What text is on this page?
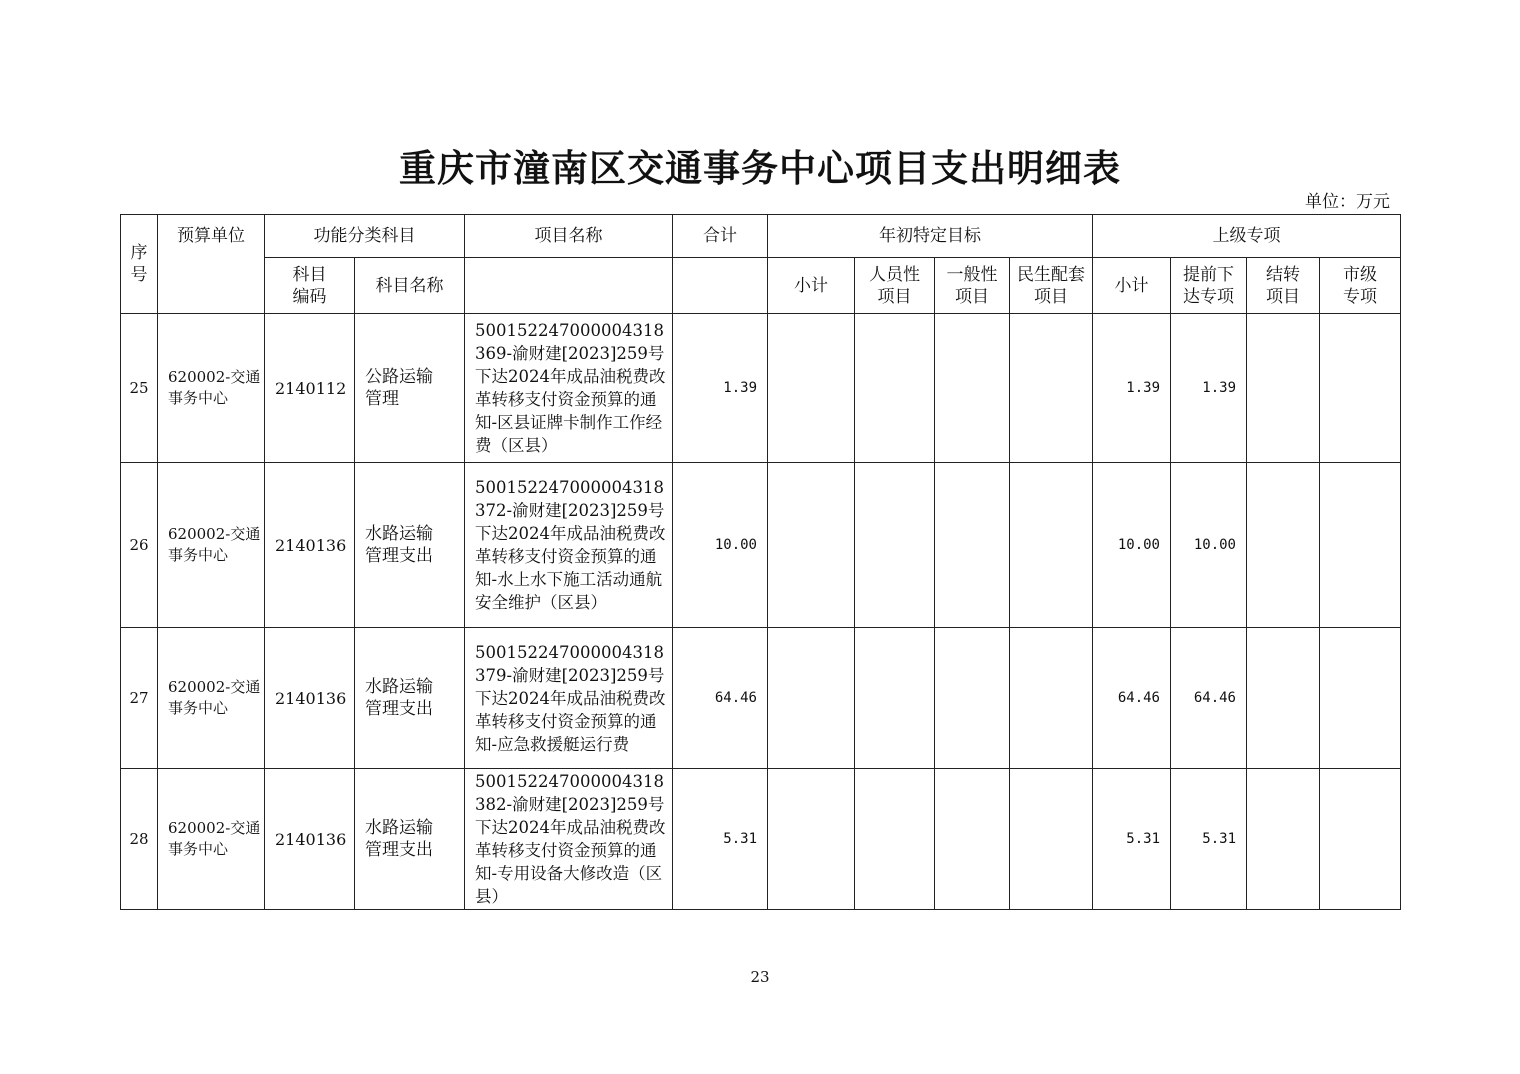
重庆市潼南区交通事务中心项目支出明细表
单位：万元
序号	预算单位	功能分类科目		项目名称	合计	年初特定目标				上级专项			

		科目编码	科目名称			小计	人员性项目	一般性项目	民生配套项目	小计	提前下达专项	结转项目	市级专项

25	620002-交通事务中心	2140112	公路运输管理	500152247000004318369-渝财建[2023]259号下达2024年成品油税费改革转移支付资金预算的通知-区县证牌卡制作工作经费（区县）	1.39					1.39	1.39		
26	620002-交通事务中心	2140136	水路运输管理支出	500152247000004318372-渝财建[2023]259号下达2024年成品油税费改革转移支付资金预算的通知-水上水下施工活动通航安全维护（区县）	10.00					10.00	10.00		
27	620002-交通事务中心	2140136	水路运输管理支出	500152247000004318379-渝财建[2023]259号下达2024年成品油税费改革转移支付资金预算的通知-应急救援艇运行费	64.46					64.46	64.46		
28	620002-交通事务中心	2140136	水路运输管理支出	500152247000004318382-渝财建[2023]259号下达2024年成品油税费改革转移支付资金预算的通知-专用设备大修改造（区县）	5.31					5.31	5.31		
23
